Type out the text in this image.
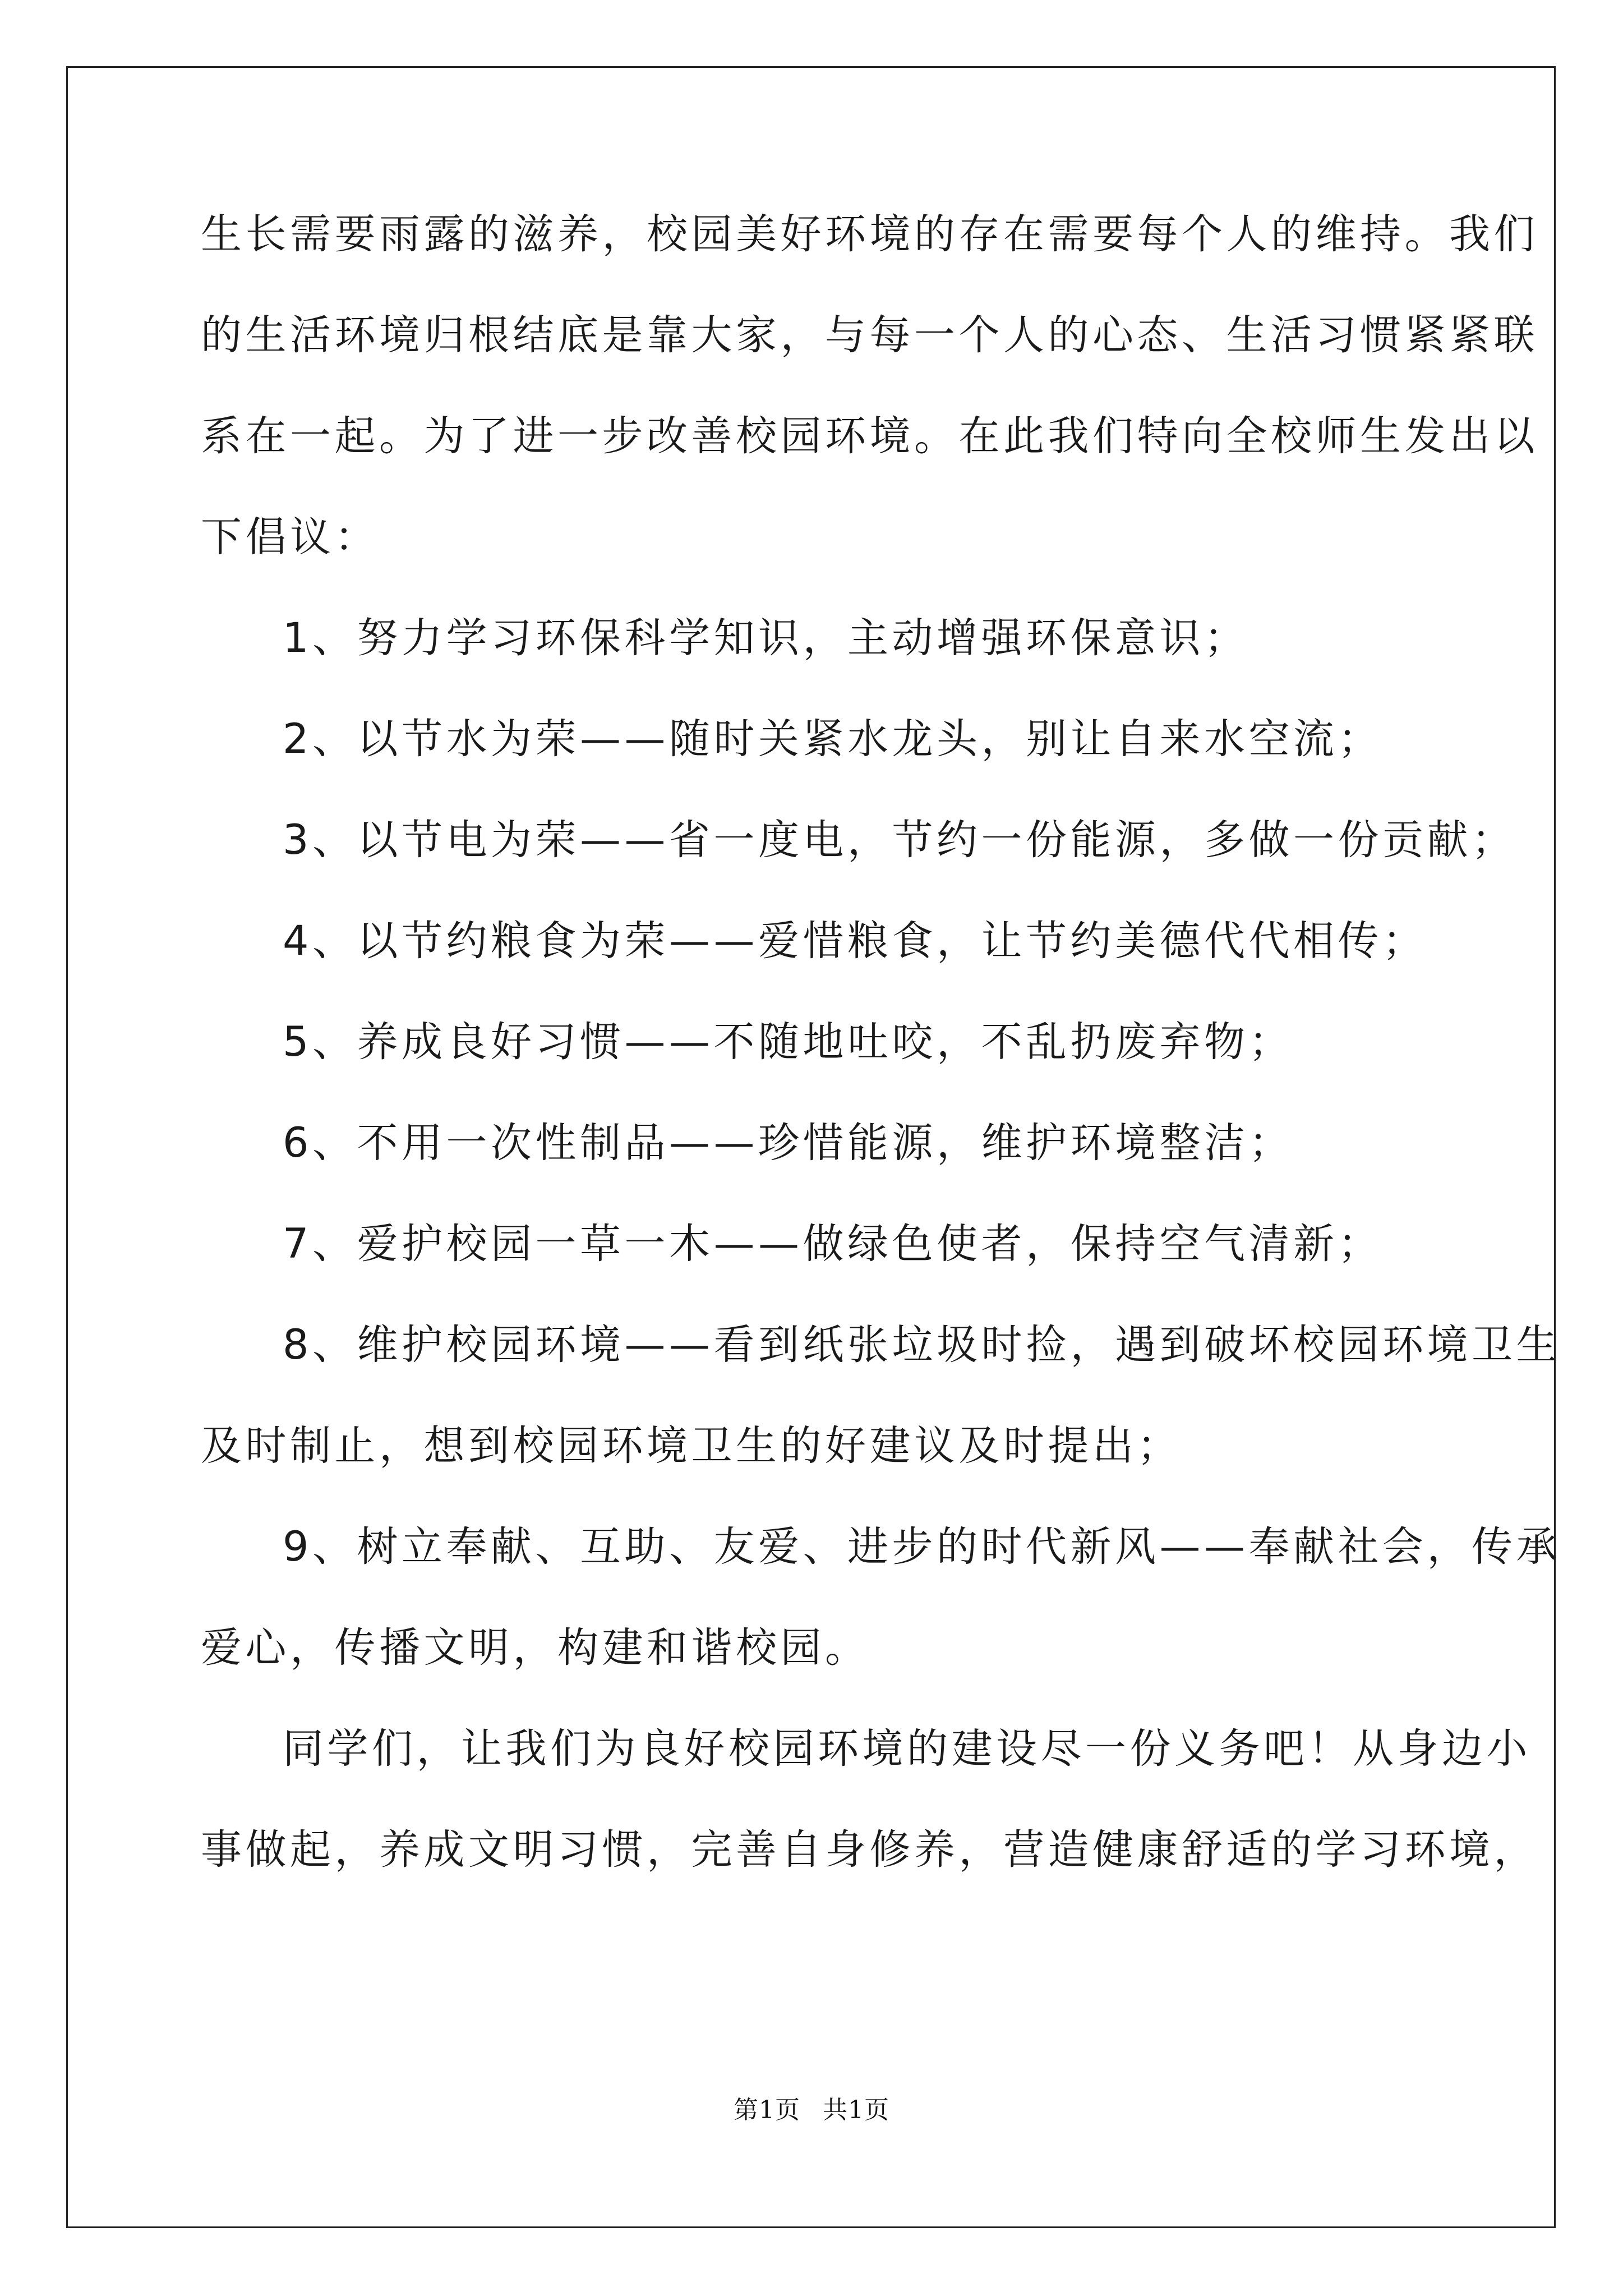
生长需要雨露的滋养，校园美好环境的存在需要每个人的维持。我们
的生活环境归根结底是靠大家，与每一个人的心态、生活习惯紧紧联
系在一起。为了进一步改善校园环境。在此我们特向全校师生发出以
下倡议：
1、努力学习环保科学知识，主动增强环保意识；
2、以节水为荣——随时关紧水龙头，别让自来水空流；
3、以节电为荣——省一度电，节约一份能源，多做一份贡献；
4、以节约粮食为荣——爱惜粮食，让节约美德代代相传；
5、养成良好习惯——不随地吐咬，不乱扔废弃物；
6、不用一次性制品——珍惜能源，维护环境整洁；
7、爱护校园一草一木——做绿色使者，保持空气清新；
8、维护校园环境——看到纸张垃圾时捡，遇到破坏校园环境卫生
及时制止，想到校园环境卫生的好建议及时提出；
9、树立奉献、互助、友爱、进步的时代新风——奉献社会，传承
爱心，传播文明，构建和谐校园。
同学们，让我们为良好校园环境的建设尽一份义务吧！从身边小
事做起，养成文明习惯，完善自身修养，营造健康舒适的学习环境，
第1页 共1页
